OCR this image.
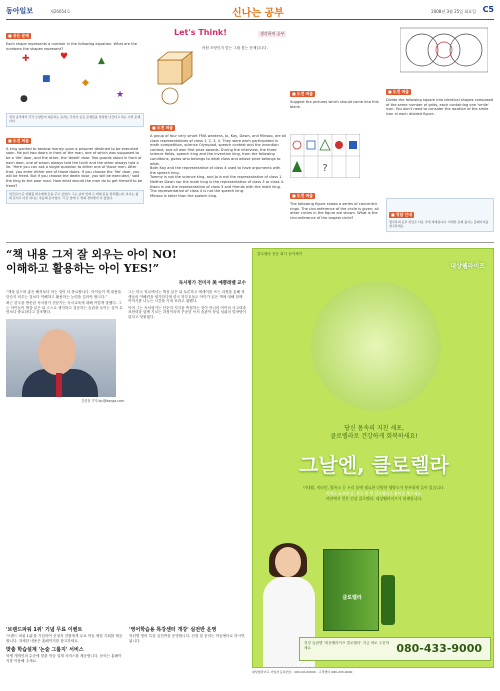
동아일보	제26654호	신나는 공부	2008년 3월 25일 화요일 C5
■ 공든 문제
Each shape represents a number in the following equation. What are the numbers the shapes represent?
✚	♥	▲
■	◆
★
●
전치 공식에서 각각 모양들이 대표하는 숫자는 무엇이 공든 문제들을 상상할 나간다고 하는 수학 문제이다.
■ 도전 퍼즐
A king wanted to bestow money upon a prisoner destined to be executed soon. He put two doors in front of the man, one of which was supposed to be a 'life' door, and the other, the 'death' door. Two guards stood in front of each door, one of whom always told the truth and the other always told a lie. 'Here you can ask a single question to either one of those men. After that, you enter either one of those doors. If you choose the 'life' door, you will be freed. But if you choose the death door, you will be executed,' said the king to the poor man. How what should the man do to get himself to be freed?
임금님이 곧 처형될 죄수에게 돈을 주고 싶었다. 그는 남자 앞에 두 개의 문을 설치했는데, 하나는 삶의 문이고 다른 하나는 죽음의 문이었다. 각 문 앞에 두 명의 경비병이 서 있었다.
Let's Think!	생각하며 공부
어떤 모양인지 맞는 그림 찾는 문제입니다.
■ 도전 퍼즐
A group of four very smart FMA wardens, Jo, Kay, Dawn, and Minsoo, are all class representatives of class 1, 2, 3, 4. They were each participated in math competition, science Olympiad, speech contest and the invention contest, and all won first prize awards. During the interview, the three science fields, speech king and the invention king, from the following conditions, guess who belongs to what class and whose prize belongs to what.
Both Kay and the representative of class 4 used to have arguments with the speech king.
Tommy is not the science king, and Jo is not the representative of class 1.
Neither Dawn nor the math king is the representative of class 3 or class 4.
Kwon is not the representative of class 3 and friends with the math king.
The representative of class 4 is not the speech king.
Minsoo is taller than the speech king.
■ 도전 퍼즐
Suggest the pictures which should come into this blank.
?
■ 도전 퍼즐
The following figure shows a series of concentric rings. The circumference of the circle is given; all other circles in the figure are shown. What is the circumference of the largest circle?
■ 도전 퍼즐
Divide the following square into identical shapes composed of the same number of grids, each containing one 'smile' icon. You don't need to consider the location of the smile icon in each divided figure.
■ 정답 안내
생각하며 공부 정답은 다음 주에 게재됩니다. 자세한 문제 풀이는 홈페이지를 참고하세요.
“책 내용 그저 잘 외우는 아이 NO!
이해하고 활용하는 아이 YES!”
독서평가 전미자 美 예쁨레벨 교수

“책을 읽으며 좋은 해석보다 아는 것이 더 중요합니다. 아이들이 책 내용을 단순히 외우는 것보다 이해하고 활용하는 능력을 길러야 합니다.”

최근 한국을 방문한 독서평가 전문가는 독서교육에 대해 이렇게 말했다. 그는 아이들이 책을 읽은 뒤 스스로 생각하고 질문하는 습관을 들이는 것이 무엇보다 중요하다고 강조했다.

김종철 기자 kjc@donga.com

그는 미국 학교에서는 책을 읽은 뒤 토론하고 에세이를 쓰는 과정을 통해 학생들의 이해력을 평가한다며 한국 학부모들도 아이가 읽은 책에 대해 함께 이야기를 나누는 시간을 가져 보라고 권했다.

이어 그는 독서평가는 단순히 지식을 측정하는 것이 아니라 아이의 사고력과 표현력을 함께 기르는 과정이라며 꾸준한 독서 습관이 학업 성취의 밑바탕이 된다고 덧붙였다.

'브랜드파워 1위' 기념 무료 이벤트
'브랜드 파워 1위'를 기념하여 신청자 전원에게 무료 학습 체험 기회를 제공합니다. 자세한 내용은 홈페이지를 참고하세요.
맞춤 학습설계 '논술 그룹지' 서비스
학생 개개인의 수준에 맞춘 학습 설계 서비스를 제공합니다. 문의는 홈페이지를 이용해 주세요.
'영어학습용 특강센터 개강' 실전반 운영
학년별 영어 특강 실전반을 운영합니다. 신청 및 문의는 학습센터로 하시면 됩니다.
클로렐라 전문 회사 동아제약
대상웰라이프
당신 몸속의 지친 세포,
클로렐라로 건강하게 회복하세요!
그날엔, 클로렐라
미네랄, 비타민, 엽록소 등 우리 몸에 필요한 다양한 영양소가 풍부하게 들어 있습니다.
지치고 피곤한 날, 하루 한 번 클로렐라로 활력을 채우세요.
자연에서 얻은 건강 클로렐라, 대상웰라이프가 함께합니다.
클로렐라
건강 습관엔 '대상웰라이프 클로렐라' 지금 바로 주문하세요	080-433-9000
대상웰라이프 사업자 등록번호 : 000-00-00000 · 고객센터 080-433-9000
